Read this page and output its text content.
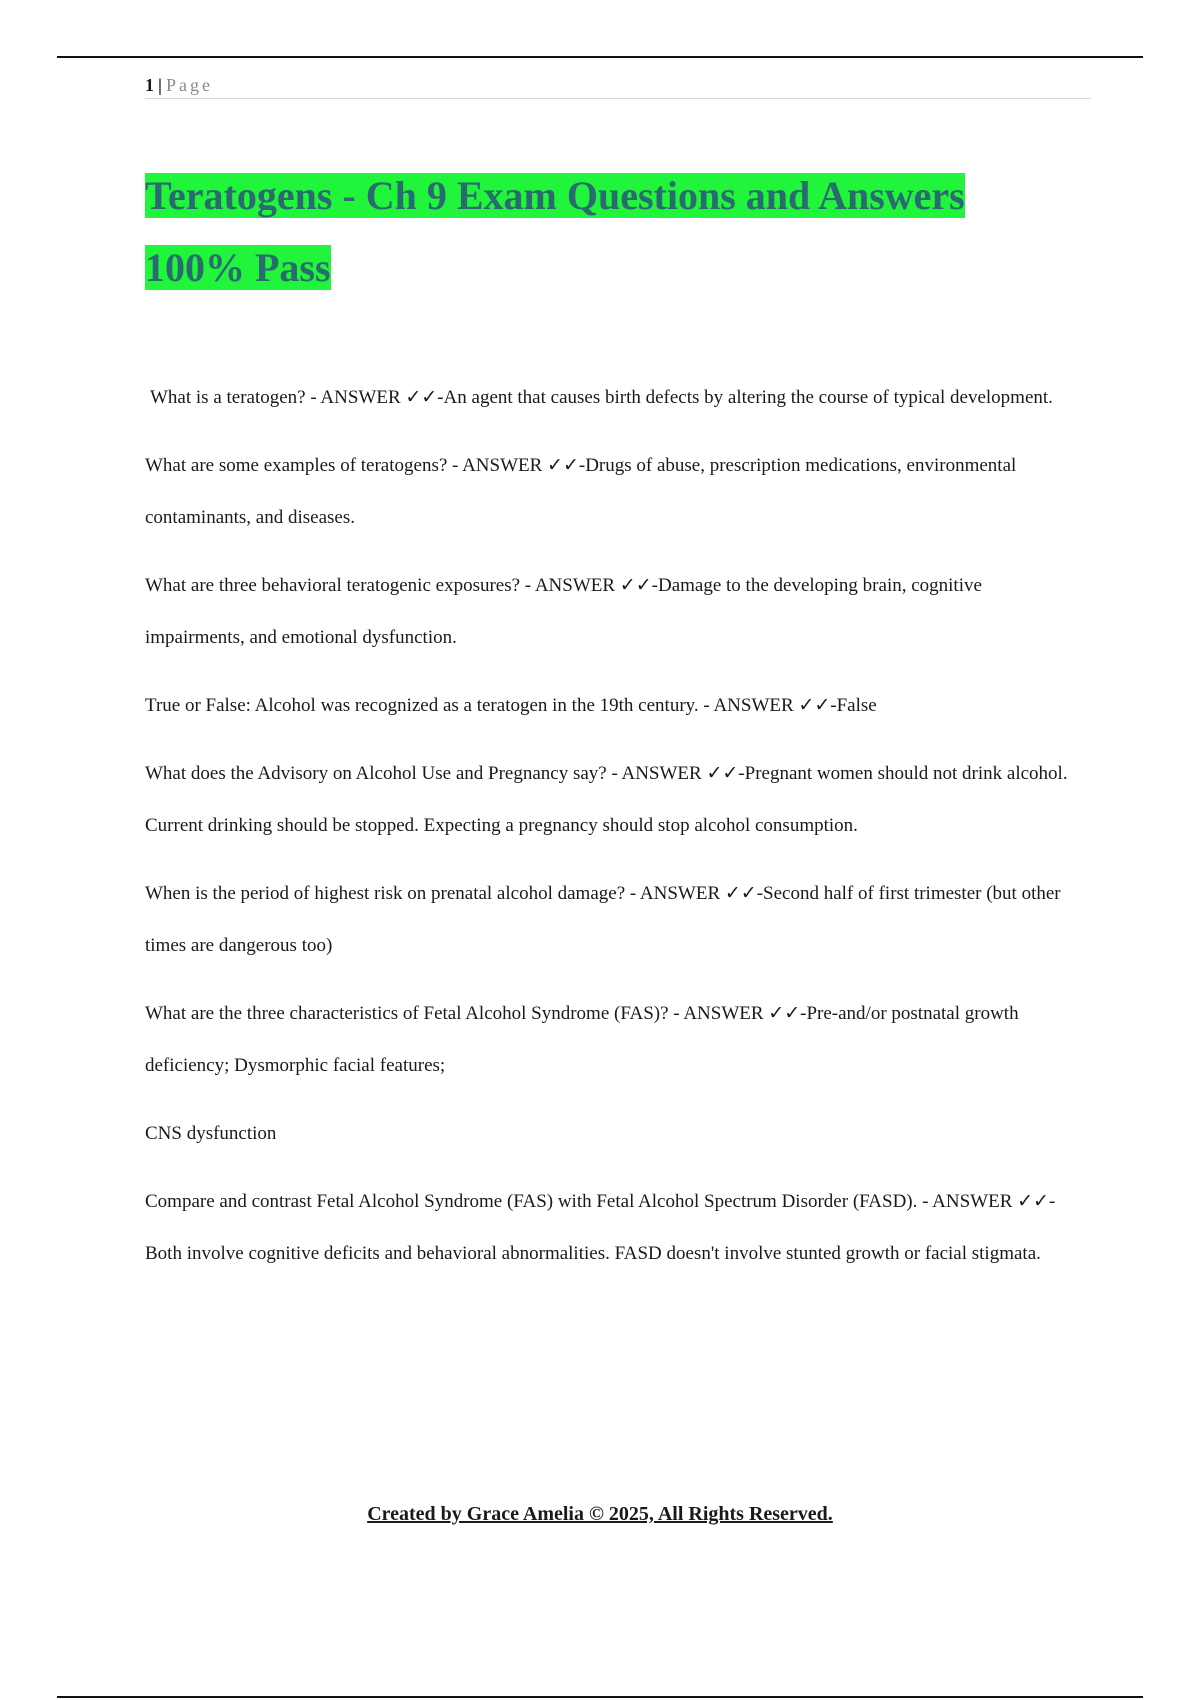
1 | Page
Teratogens - Ch 9 Exam Questions and Answers
100% Pass

What is a teratogen? - ANSWER ✓✓-An agent that causes birth defects by altering the course of typical development.

What are some examples of teratogens? - ANSWER ✓✓-Drugs of abuse, prescription medications, environmental contaminants, and diseases.

What are three behavioral teratogenic exposures? - ANSWER ✓✓-Damage to the developing brain, cognitive impairments, and emotional dysfunction.

True or False: Alcohol was recognized as a teratogen in the 19th century. - ANSWER ✓✓-False

What does the Advisory on Alcohol Use and Pregnancy say? - ANSWER ✓✓-Pregnant women should not drink alcohol. Current drinking should be stopped. Expecting a pregnancy should stop alcohol consumption.

When is the period of highest risk on prenatal alcohol damage? - ANSWER ✓✓-Second half of first trimester (but other times are dangerous too)

What are the three characteristics of Fetal Alcohol Syndrome (FAS)? - ANSWER ✓✓-Pre-and/or postnatal growth deficiency; Dysmorphic facial features;

CNS dysfunction

Compare and contrast Fetal Alcohol Syndrome (FAS) with Fetal Alcohol Spectrum Disorder (FASD). - ANSWER ✓✓-Both involve cognitive deficits and behavioral abnormalities. FASD doesn't involve stunted growth or facial stigmata.

Created by Grace Amelia © 2025, All Rights Reserved.
